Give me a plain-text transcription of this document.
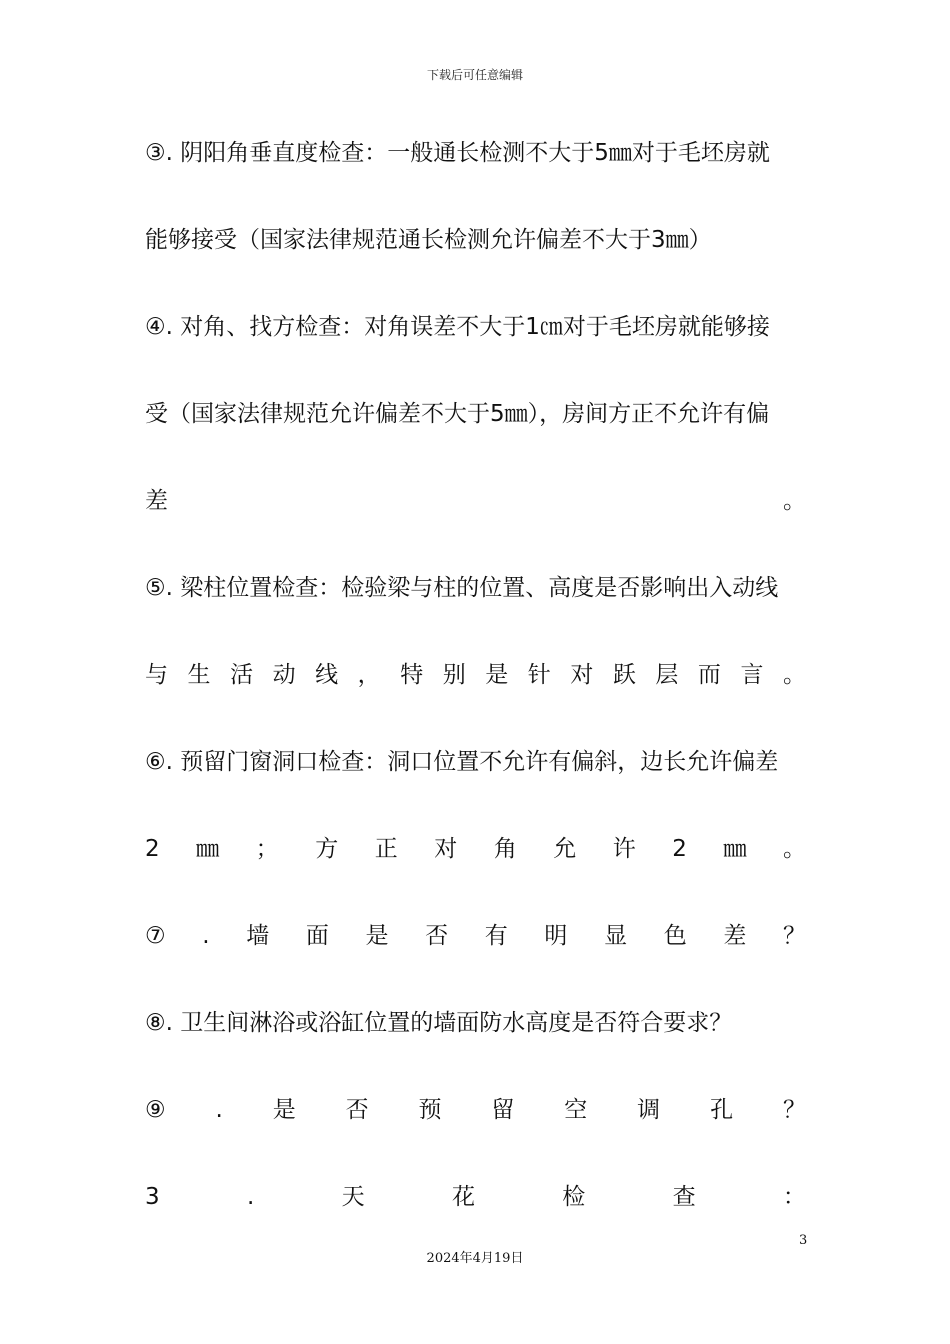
下载后可任意编辑
③. 阴阳角垂直度检查：一般通长检测不大于5㎜对于毛坯房就
能够接受（国家法律规范通长检测允许偏差不大于3㎜）
④. 对角、找方检查：对角误差不大于1㎝对于毛坯房就能够接
受（国家法律规范允许偏差不大于5㎜），房间方正不允许有偏
差	。
⑤. 梁柱位置检查：检验梁与柱的位置、高度是否影响出入动线
与 生 活 动 线 ， 特 别 是 针 对 跃 层 而 言 。
⑥. 预留门窗洞口检查：洞口位置不允许有偏斜，边长允许偏差
2 ㎜ ； 方 正 对 角 允 许 2 ㎜ 。
⑦ . 墙 面 是 否 有 明 显 色 差 ？
⑧. 卫生间淋浴或浴缸位置的墙面防水高度是否符合要求？
⑨ . 是 否 预 留 空 调 孔 ？
3	.	天	花	检	查	：
3
2024年4月19日
